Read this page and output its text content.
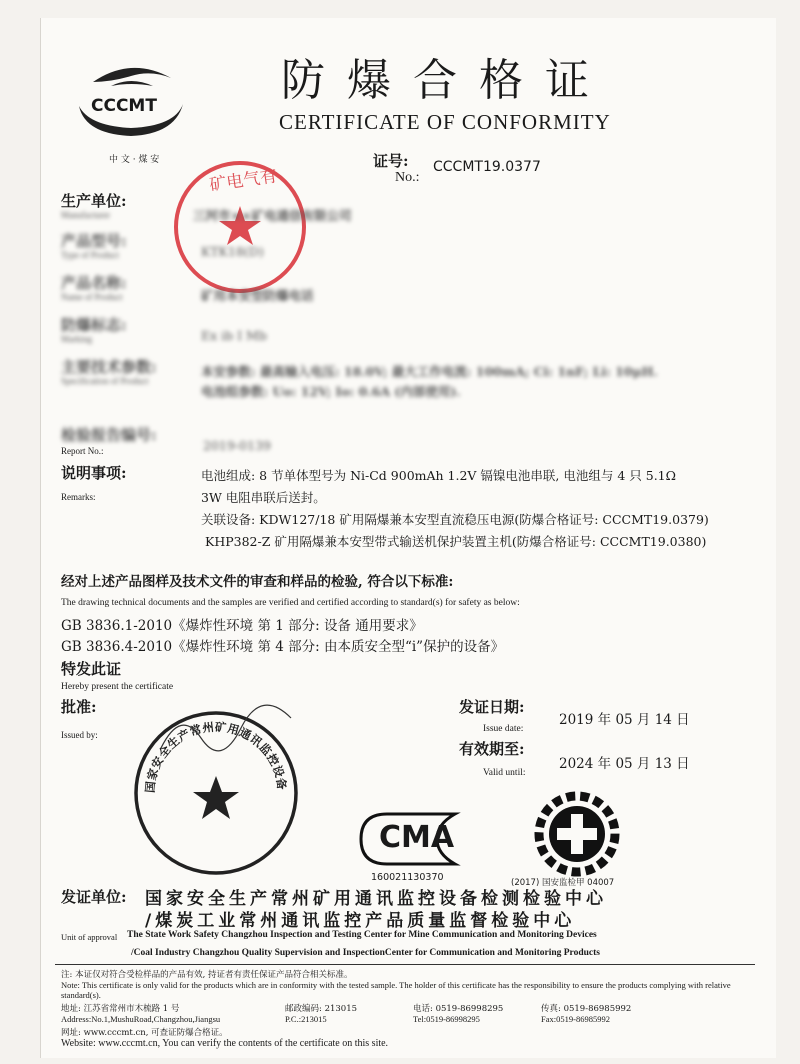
CCCMT
中 文 · 煤 安
防爆合格证
CERTIFICATE OF CONFORMITY
证号:
No.:
CCCMT19.0377
矿电气有
生产单位:
Manufacturer	三河市××矿电通信有限公司
产品型号:
Type of Product	KTK18(D)
产品名称:
Name of Product	矿用本安型防爆电话
防爆标志:
Marking	Ex ib I Mb
主要技术参数:
Specification of Product
本安参数: 最高输入电压: 18.0V; 最大工作电流: 100mA; Ci: 1nF; Li: 10μH.
电池组参数: Uo: 12V; Io: 0.6A (内部使用).
检验报告编号:
Report No.:	2019-0139
说明事项:
Remarks:
电池组成: 8 节单体型号为 Ni-Cd 900mAh 1.2V 镉镍电池串联, 电池组与 4 只 5.1Ω
3W 电阻串联后送封。
关联设备: KDW127/18 矿用隔爆兼本安型直流稳压电源(防爆合格证号: CCCMT19.0379)
KHP382-Z 矿用隔爆兼本安型带式输送机保护装置主机(防爆合格证号: CCCMT19.0380)
经对上述产品图样及技术文件的审查和样品的检验, 符合以下标准:
The drawing technical documents and the samples are verified and certified according to standard(s) for safety as below:
GB 3836.1-2010《爆炸性环境 第 1 部分: 设备 通用要求》
GB 3836.4-2010《爆炸性环境 第 4 部分: 由本质安全型“i”保护的设备》
特发此证
Hereby present the certificate
批准:
Issued by:
发证日期:
Issue date:
2019 年 05 月 14 日
有效期至:
Valid until:
2024 年 05 月 13 日
国家安全生产常州矿用通讯监控设备
CMA
160021130370	(2017) 国安监检甲 04007
发证单位: 国家安全生产常州矿用通讯监控设备检测检验中心
/煤炭工业常州通讯监控产品质量监督检验中心
Unit of approval The State Work Safety Changzhou Inspection and Testing Center for Mine Communication and Monitoring Devices
/Coal Industry Changzhou Quality Supervision and InspectionCenter for Communication and Monitoring Products
注: 本证仅对符合受检样品的产品有效, 持证者有责任保证产品符合相关标准。
Note: This certificate is only valid for the products which are in conformity with the tested sample. The holder of this certificate has the responsibility to ensure the products complying with relative standard(s).
地址: 江苏省常州市木梳路 1 号	邮政编码: 213015	电话: 0519-86998295	传真: 0519-86985992
Address:No.1,MushuRoad,Changzhou,Jiangsu	P.C.:213015	Tel:0519-86998295	Fax:0519-86985992
网址: www.cccmt.cn, 可查证防爆合格证。
Website: www.cccmt.cn, You can verify the contents of the certificate on this site.
